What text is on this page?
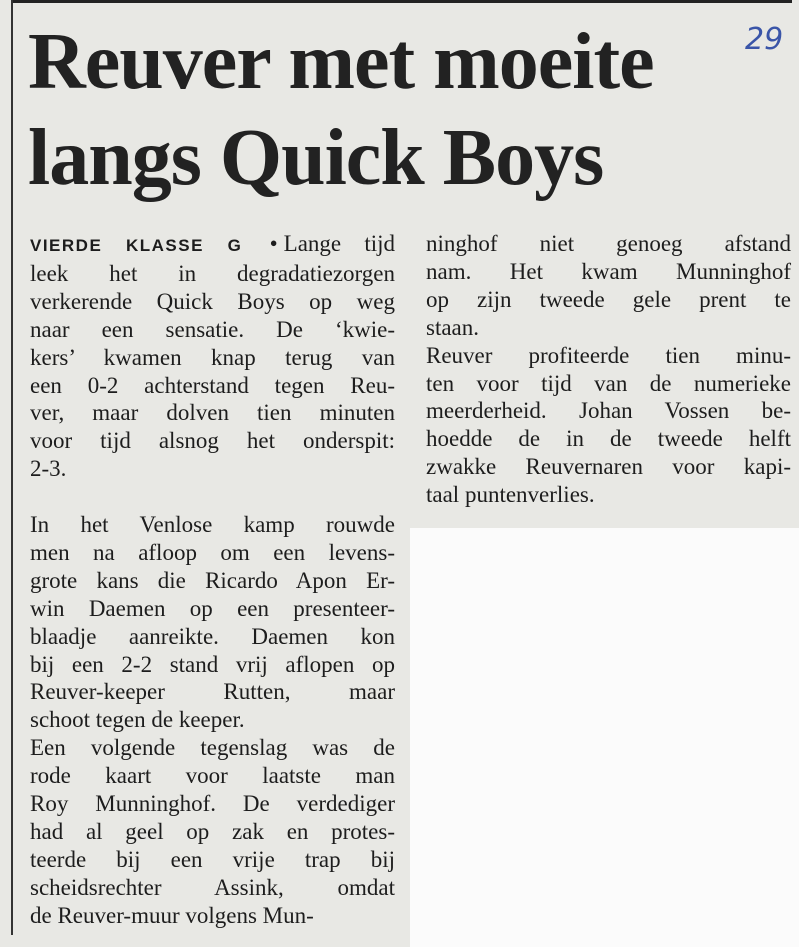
Reuver met moeite
langs Quick Boys
29
VIERDE KLASSE G • Lange tijd
leek het in degradatiezorgen
verkerende Quick Boys op weg
naar een sensatie. De ‘kwie-
kers’ kwamen knap terug van
een 0-2 achterstand tegen Reu-
ver, maar dolven tien minuten
voor tijd alsnog het onderspit:
2-3.
In het Venlose kamp rouwde
men na afloop om een levens-
grote kans die Ricardo Apon Er-
win Daemen op een presenteer-
blaadje aanreikte. Daemen kon
bij een 2-2 stand vrij aflopen op
Reuver-keeper Rutten, maar
schoot tegen de keeper.
Een volgende tegenslag was de
rode kaart voor laatste man
Roy Munninghof. De verdediger
had al geel op zak en protes-
teerde bij een vrije trap bij
scheidsrechter Assink, omdat
de Reuver-muur volgens Mun-
ninghof niet genoeg afstand
nam. Het kwam Munninghof
op zijn tweede gele prent te
staan.
Reuver profiteerde tien minu-
ten voor tijd van de numerieke
meerderheid. Johan Vossen be-
hoedde de in de tweede helft
zwakke Reuvernaren voor kapi-
taal puntenverlies.
